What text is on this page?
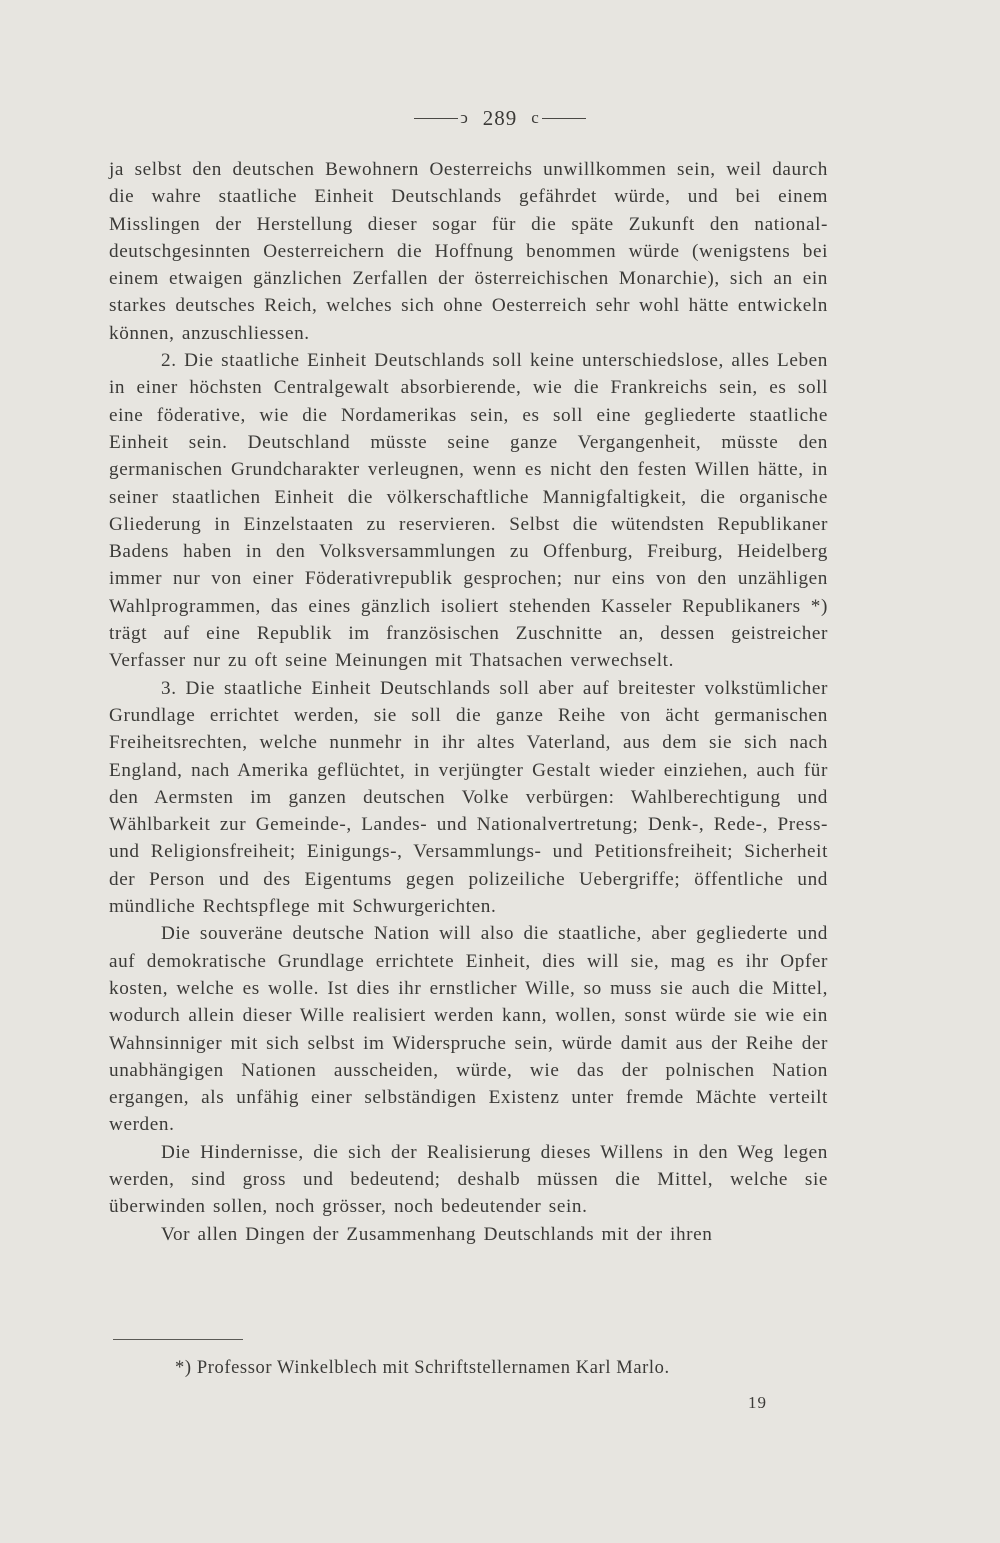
ↄ 289 c

ja selbst den deutschen Bewohnern Oesterreichs unwillkommen sein, weil daurch die wahre staatliche Einheit Deutschlands gefährdet würde, und bei einem Misslingen der Herstellung dieser sogar für die späte Zukunft den national-deutschgesinnten Oesterreichern die Hoffnung benommen würde (wenigstens bei einem etwaigen gänzlichen Zerfallen der österreichischen Monarchie), sich an ein starkes deutsches Reich, welches sich ohne Oesterreich sehr wohl hätte entwickeln können, anzuschliessen.

2. Die staatliche Einheit Deutschlands soll keine unterschiedslose, alles Leben in einer höchsten Centralgewalt absorbierende, wie die Frankreichs sein, es soll eine föderative, wie die Nordamerikas sein, es soll eine gegliederte staatliche Einheit sein. Deutschland müsste seine ganze Vergangenheit, müsste den germanischen Grundcharakter verleugnen, wenn es nicht den festen Willen hätte, in seiner staatlichen Einheit die völkerschaftliche Mannigfaltigkeit, die organische Gliederung in Einzelstaaten zu reservieren. Selbst die wütendsten Republikaner Badens haben in den Volksversammlungen zu Offenburg, Freiburg, Heidelberg immer nur von einer Föderativrepublik gesprochen; nur eins von den unzähligen Wahlprogrammen, das eines gänzlich isoliert stehenden Kasseler Republikaners *) trägt auf eine Republik im französischen Zuschnitte an, dessen geistreicher Verfasser nur zu oft seine Meinungen mit Thatsachen verwechselt.

3. Die staatliche Einheit Deutschlands soll aber auf breitester volkstümlicher Grundlage errichtet werden, sie soll die ganze Reihe von ächt germanischen Freiheitsrechten, welche nunmehr in ihr altes Vaterland, aus dem sie sich nach England, nach Amerika geflüchtet, in verjüngter Gestalt wieder einziehen, auch für den Aermsten im ganzen deutschen Volke verbürgen: Wahlberechtigung und Wählbarkeit zur Gemeinde-, Landes- und Nationalvertretung; Denk-, Rede-, Press- und Religionsfreiheit; Einigungs-, Versammlungs- und Petitionsfreiheit; Sicherheit der Person und des Eigentums gegen polizeiliche Uebergriffe; öffentliche und mündliche Rechtspflege mit Schwurgerichten.

Die souveräne deutsche Nation will also die staatliche, aber gegliederte und auf demokratische Grundlage errichtete Einheit, dies will sie, mag es ihr Opfer kosten, welche es wolle. Ist dies ihr ernstlicher Wille, so muss sie auch die Mittel, wodurch allein dieser Wille realisiert werden kann, wollen, sonst würde sie wie ein Wahnsinniger mit sich selbst im Widerspruche sein, würde damit aus der Reihe der unabhängigen Nationen ausscheiden, würde, wie das der polnischen Nation ergangen, als unfähig einer selbständigen Existenz unter fremde Mächte verteilt werden.

Die Hindernisse, die sich der Realisierung dieses Willens in den Weg legen werden, sind gross und bedeutend; deshalb müssen die Mittel, welche sie überwinden sollen, noch grösser, noch bedeutender sein.

Vor allen Dingen der Zusammenhang Deutschlands mit der ihren

*) Professor Winkelblech mit Schriftstellernamen Karl Marlo.
19
